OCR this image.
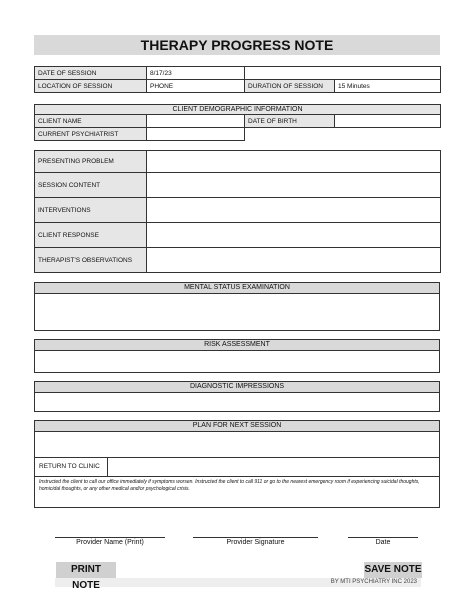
THERAPY PROGRESS NOTE
DATE OF SESSION	8/17/23		
LOCATION OF SESSION	PHONE	DURATION OF SESSION	15 Minutes
CLIENT DEMOGRAPHIC INFORMATION			
CLIENT NAME		DATE OF BIRTH	
CURRENT PSYCHIATRIST			
PRESENTING PROBLEM	
SESSION CONTENT	
INTERVENTIONS	
CLIENT RESPONSE	
THERAPIST'S OBSERVATIONS	
MENTAL STATUS EXAMINATION
RISK ASSESSMENT
DIAGNOSTIC IMPRESSIONS
PLAN FOR NEXT SESSION
RETURN TO CLINIC
Instructed the client to call our office immediately if symptoms worsen. Instructed the client to call 911 or go to the nearest emergency room if experiencing suicidal thoughts, homicidal thoughts, or any other medical and/or psychological crisis.
Provider Name (Print)	Provider Signature	Date
BY MTI PSYCHIATRY INC 2023
PRINT NOTE
SAVE NOTE
